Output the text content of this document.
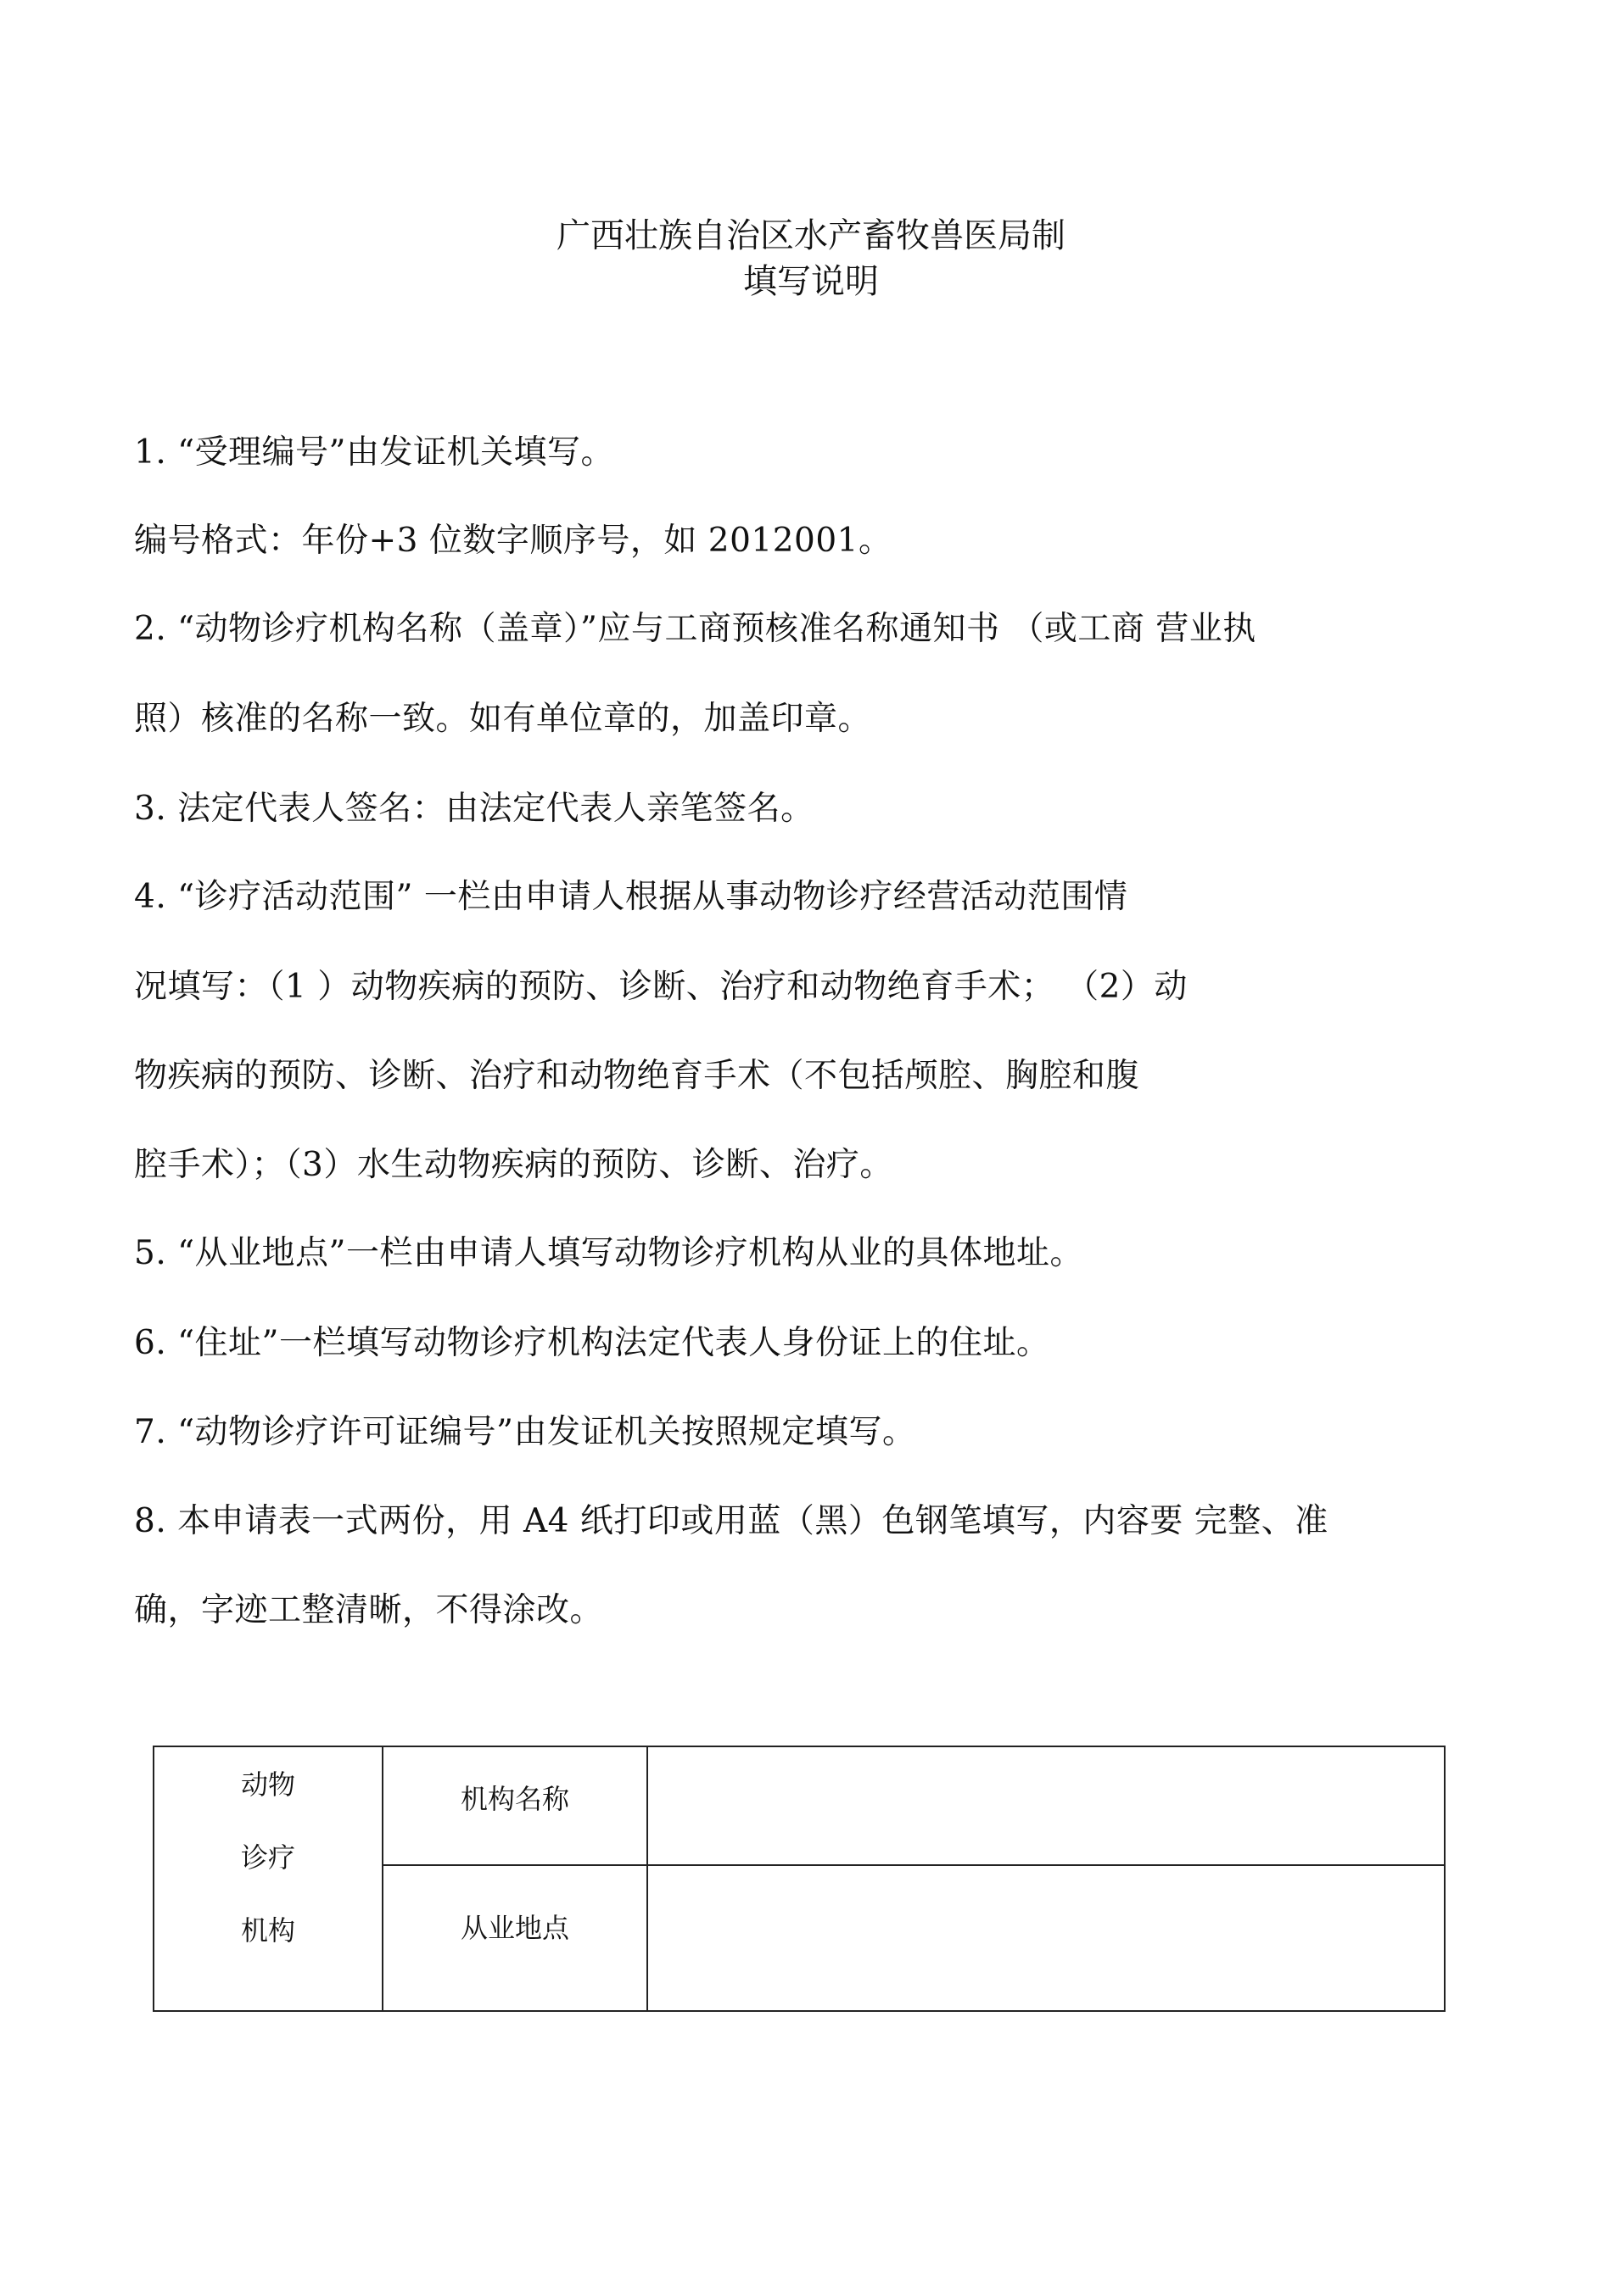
广西壮族自治区水产畜牧兽医局制
填写说明
1. “受理编号”由发证机关填写。
编号格式：年份+3 位数字顺序号，如 2012001。
2. “动物诊疗机构名称（盖章）”应与工商预核准名称通知书 （或工商 营业执
照）核准的名称一致。如有单位章的，加盖印章。
3. 法定代表人签名：由法定代表人亲笔签名。
4. “诊疗活动范围” 一栏由申请人根据从事动物诊疗经营活动范围情
况填写：（1 ）动物疾病的预防、诊断、治疗和动物绝育手术； （2）动
物疾病的预防、诊断、治疗和动物绝育手术（不包括颅腔、胸腔和腹
腔手术）；（3）水生动物疾病的预防、诊断、治疗。
5. “从业地点”一栏由申请人填写动物诊疗机构从业的具体地址。
6. “住址”一栏填写动物诊疗机构法定代表人身份证上的住址。
7. “动物诊疗许可证编号”由发证机关按照规定填写。
8. 本申请表一式两份，用 A4 纸打印或用蓝（黑）色钢笔填写，内容要 完整、准
确，字迹工整清晰，不得涂改。
动物
诊疗
机构	机构名称	

	从业地点	
